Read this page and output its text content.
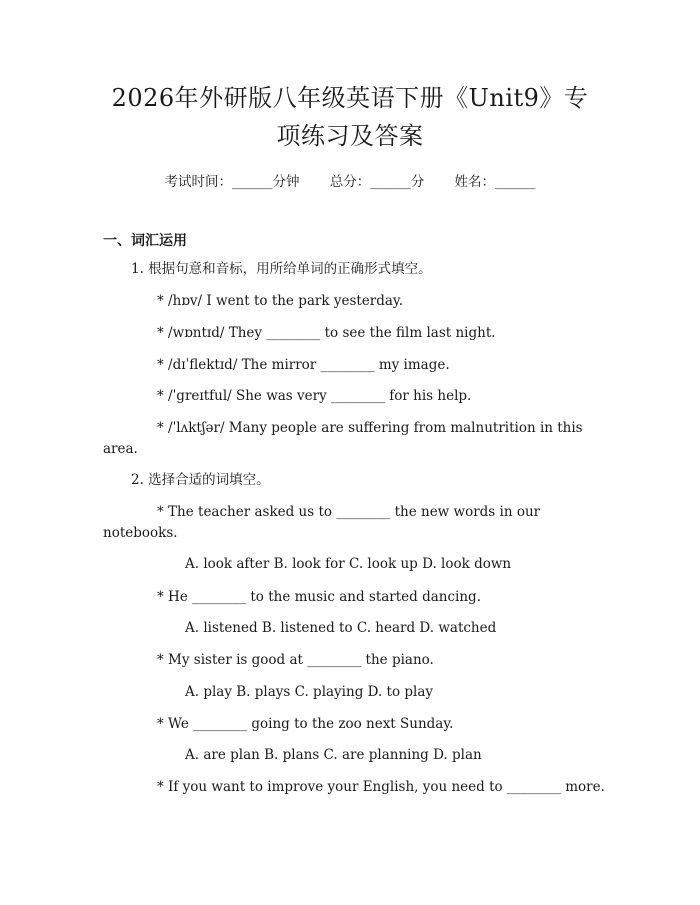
2026年外研版八年级英语下册《Unit9》专
项练习及答案
考试时间：______分钟 总分：______分 姓名：______
一、词汇运用
1. 根据句意和音标，用所给单词的正确形式填空。
* /hɒv/ I went to the park yesterday.
* /wɒntɪd/ They ________ to see the film last night.
* /dɪˈflektɪd/ The mirror ________ my image.
* /ˈgreɪtful/ She was very ________ for his help.
* /ˈlʌktʃər/ Many people are suffering from malnutrition in this
area.
2. 选择合适的词填空。
* The teacher asked us to ________ the new words in our
notebooks.
A. look after B. look for C. look up D. look down
* He ________ to the music and started dancing.
A. listened B. listened to C. heard D. watched
* My sister is good at ________ the piano.
A. play B. plays C. playing D. to play
* We ________ going to the zoo next Sunday.
A. are plan B. plans C. are planning D. plan
* If you want to improve your English, you need to ________ more.
